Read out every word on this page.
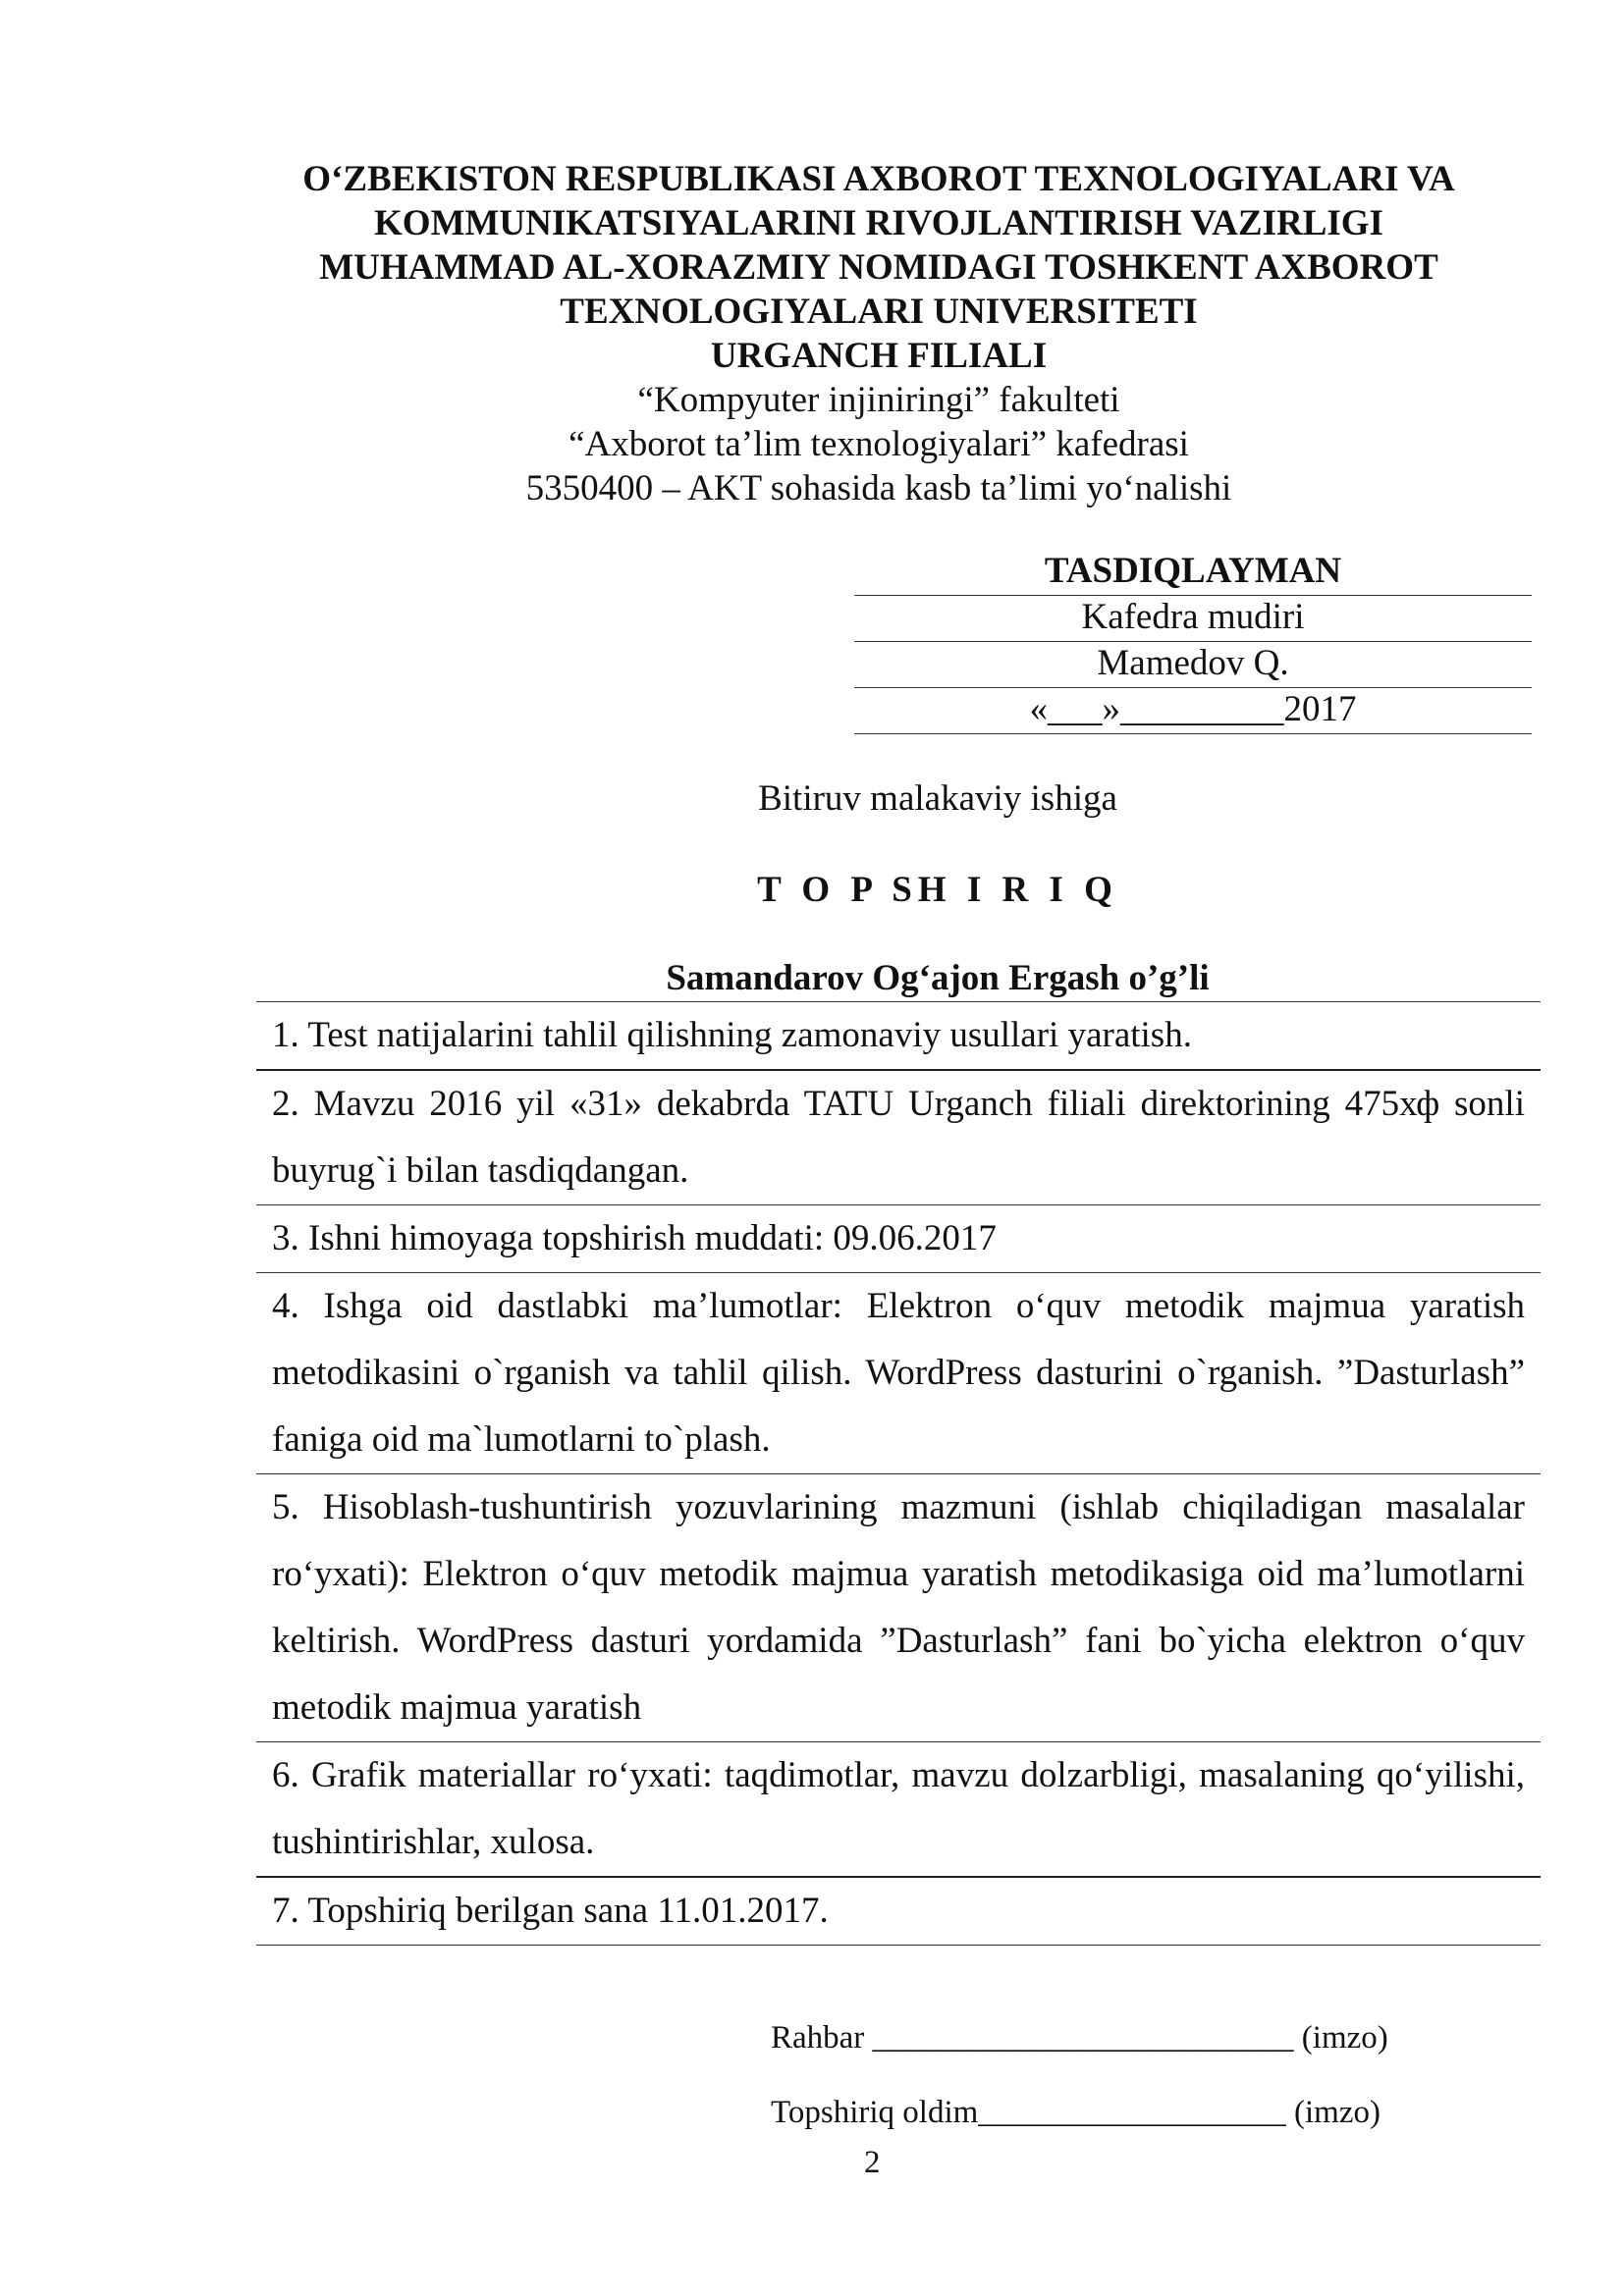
O‘ZBEKISTON RESPUBLIKASI AXBOROT TEXNOLOGIYALARI VA
KOMMUNIKATSIYALARINI RIVOJLANTIRISH VAZIRLIGI
MUHAMMAD AL-XORAZMIY NOMIDAGI TOSHKENT AXBOROT
TEXNOLOGIYALARI UNIVERSITETI
URGANCH FILIALI
“Kompyuter injiniringi” fakulteti
“Axborot ta’lim texnologiyalari” kafedrasi
5350400 – AKT sohasida kasb ta’limi yo‘nalishi
TASDIQLAYMAN
Kafedra mudiri
Mamedov Q.
«___»_________2017
Bitiruv malakaviy ishiga
T O P SH I R I Q
Samandarov Og‘ajon Ergash o’g’li
1. Test natijalarini tahlil qilishning zamonaviy usullari yaratish.
2. Mavzu 2016 yil «31» dekabrda TATU Urganch filiali direktorining 475хф sonli buyrug`i bilan tasdiqdangan.
3. Ishni himoyaga topshirish muddati: 09.06.2017
4. Ishga oid dastlabki ma’lumotlar: Elektron o‘quv metodik majmua yaratish metodikasini o`rganish va tahlil qilish. WordPress dasturini o`rganish. ”Dasturlash” faniga oid ma`lumotlarni to`plash.
5. Hisoblash-tushuntirish yozuvlarining mazmuni (ishlab chiqiladigan masalalar ro‘yxati): Elektron o‘quv metodik majmua yaratish metodikasiga oid ma’lumotlarni keltirish. WordPress dasturi yordamida ”Dasturlash” fani bo`yicha elektron o‘quv metodik majmua yaratish
6. Grafik materiallar ro‘yxati: taqdimotlar, mavzu dolzarbligi, masalaning qo‘yilishi, tushintirishlar, xulosa.
7. Topshiriq berilgan sana 11.01.2017.
Rahbar __________________________ (imzo)
Topshiriq oldim___________________ (imzo)
2
